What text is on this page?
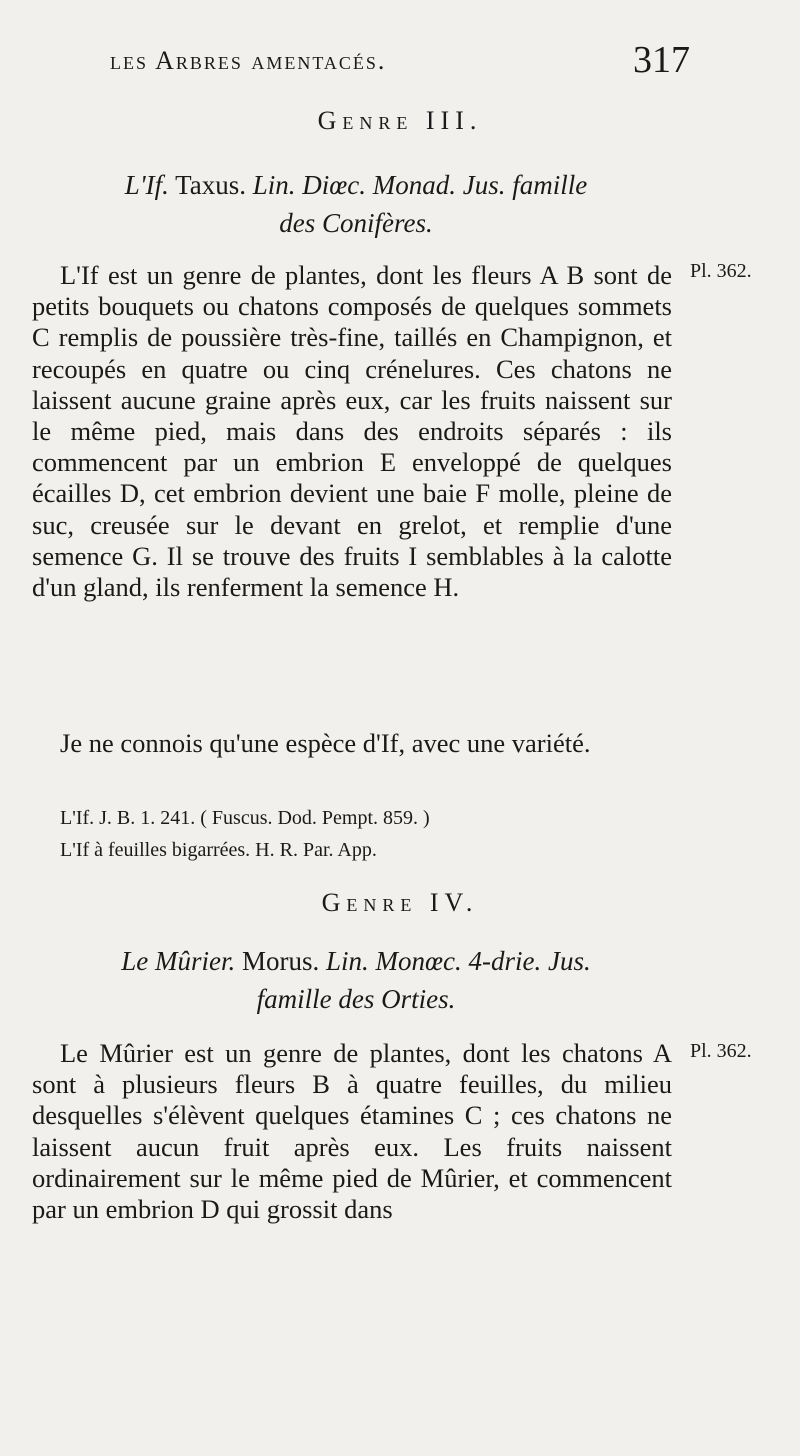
les Arbres amentacés.	317
Genre III.
L'If. Taxus. Lin. Diœc. Monad. Jus. famille
des Conifères.
Pl. 362.

L'If est un genre de plantes, dont les fleurs A B sont de petits bouquets ou chatons composés de quelques sommets C remplis de poussière très-fine, taillés en Champignon, et recoupés en quatre ou cinq crénelures. Ces chatons ne laissent aucune graine après eux, car les fruits naissent sur le même pied, mais dans des endroits séparés : ils commencent par un embrion E enveloppé de quelques écailles D, cet embrion devient une baie F molle, pleine de suc, creusée sur le devant en grelot, et remplie d'une semence G. Il se trouve des fruits I semblables à la calotte d'un gland, ils renferment la semence H.

Je ne connois qu'une espèce d'If, avec une variété.

L'If. J. B. 1. 241. ( Fuscus. Dod. Pempt. 859. )
L'If à feuilles bigarrées. H. R. Par. App.
Genre IV.
Le Mûrier. Morus. Lin. Monœc. 4-drie. Jus.
famille des Orties.
Pl. 362.

Le Mûrier est un genre de plantes, dont les chatons A sont à plusieurs fleurs B à quatre feuilles, du milieu desquelles s'élèvent quelques étamines C ; ces chatons ne laissent aucun fruit après eux. Les fruits naissent ordinairement sur le même pied de Mûrier, et commencent par un embrion D qui grossit dans
